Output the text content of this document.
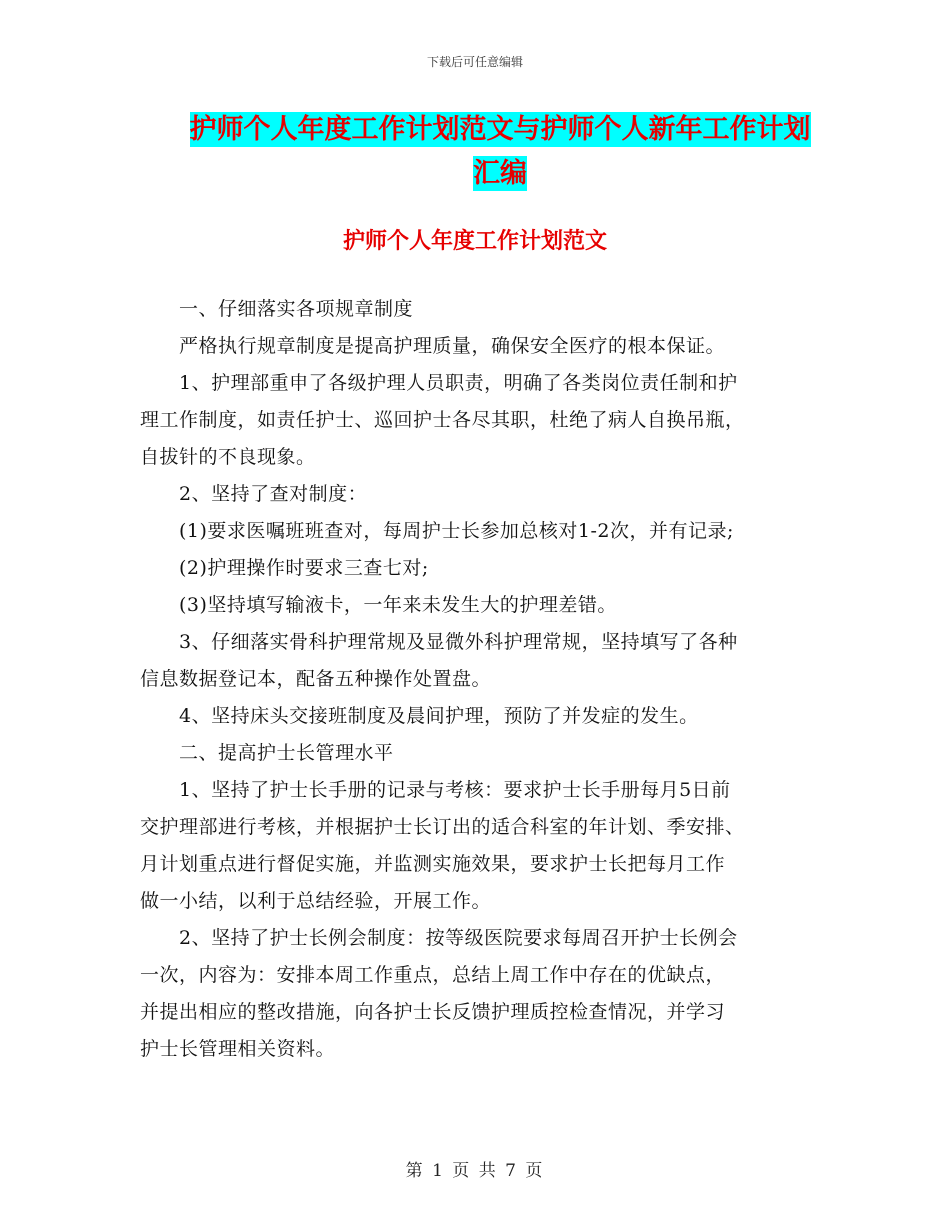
下载后可任意编辑
护师个人年度工作计划范文与护师个人新年工作计划
汇编
护师个人年度工作计划范文
　　一、仔细落实各项规章制度
　　严格执行规章制度是提高护理质量，确保安全医疗的根本保证。
　　1、护理部重申了各级护理人员职责，明确了各类岗位责任制和护
理工作制度，如责任护士、巡回护士各尽其职，杜绝了病人自换吊瓶，
自拔针的不良现象。
　　2、坚持了查对制度：
　　(1)要求医嘱班班查对，每周护士长参加总核对1-2次，并有记录;
　　(2)护理操作时要求三查七对;
　　(3)坚持填写输液卡，一年来未发生大的护理差错。
　　3、仔细落实骨科护理常规及显微外科护理常规，坚持填写了各种
信息数据登记本，配备五种操作处置盘。
　　4、坚持床头交接班制度及晨间护理，预防了并发症的发生。
　　二、提高护士长管理水平
　　1、坚持了护士长手册的记录与考核：要求护士长手册每月5日前
交护理部进行考核，并根据护士长订出的适合科室的年计划、季安排、
月计划重点进行督促实施，并监测实施效果，要求护士长把每月工作
做一小结，以利于总结经验，开展工作。
　　2、坚持了护士长例会制度：按等级医院要求每周召开护士长例会
一次，内容为：安排本周工作重点，总结上周工作中存在的优缺点，
并提出相应的整改措施，向各护士长反馈护理质控检查情况，并学习
护士长管理相关资料。
第 1 页 共 7 页
